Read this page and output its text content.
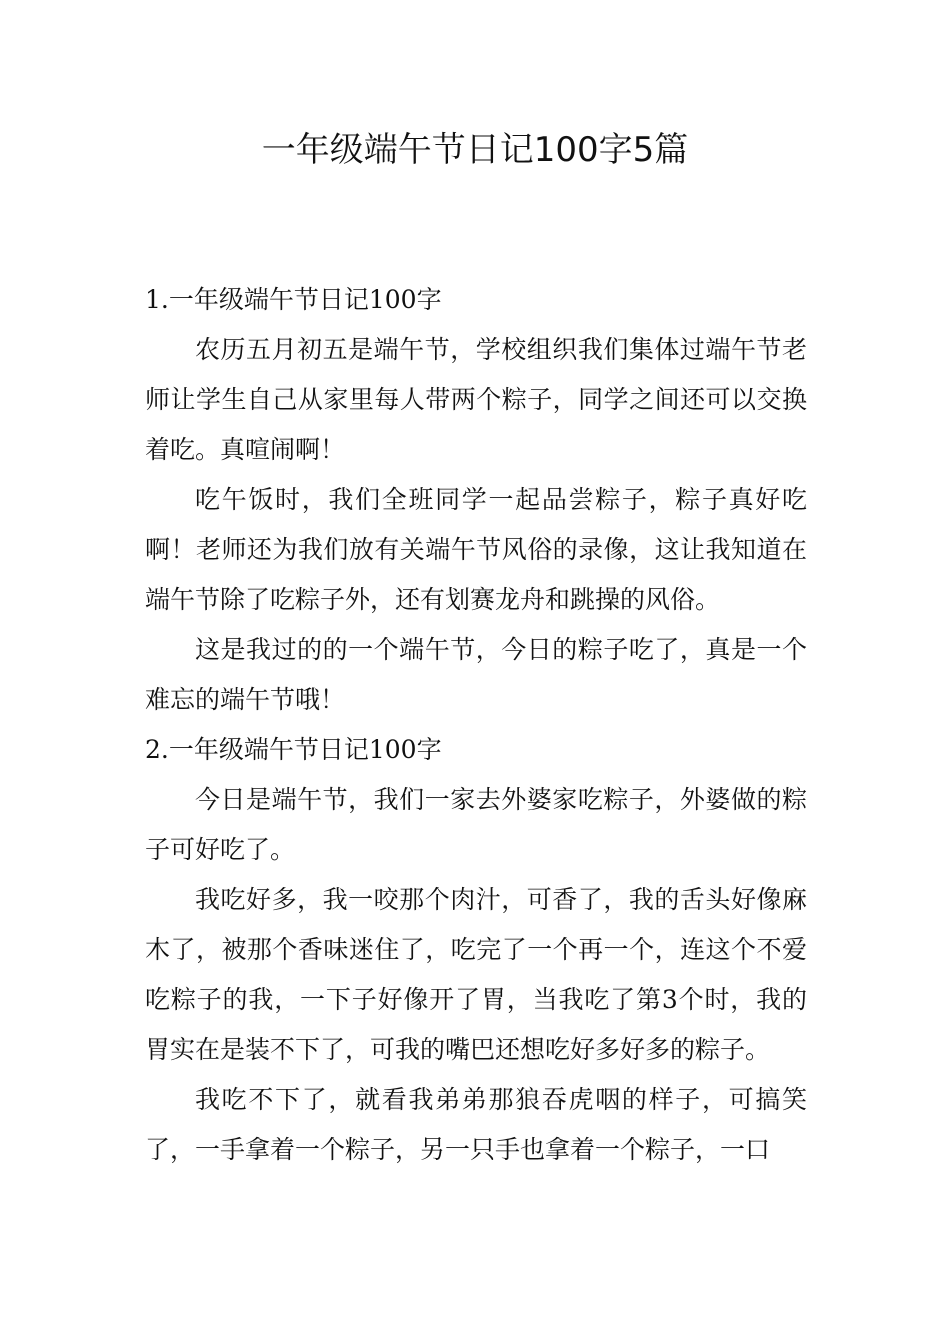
一年级端午节日记100字5篇

1.一年级端午节日记100字

农历五月初五是端午节，学校组织我们集体过端午节老师让学生自己从家里每人带两个粽子，同学之间还可以交换着吃。真喧闹啊！

吃午饭时，我们全班同学一起品尝粽子，粽子真好吃啊！老师还为我们放有关端午节风俗的录像，这让我知道在端午节除了吃粽子外，还有划赛龙舟和跳操的风俗。

这是我过的的一个端午节，今日的粽子吃了，真是一个难忘的端午节哦！

2.一年级端午节日记100字

今日是端午节，我们一家去外婆家吃粽子，外婆做的粽子可好吃了。

我吃好多，我一咬那个肉汁，可香了，我的舌头好像麻木了，被那个香味迷住了，吃完了一个再一个，连这个不爱吃粽子的我，一下子好像开了胃，当我吃了第3个时，我的胃实在是装不下了，可我的嘴巴还想吃好多好多的粽子。

我吃不下了，就看我弟弟那狼吞虎咽的样子，可搞笑了，一手拿着一个粽子，另一只手也拿着一个粽子，一口
